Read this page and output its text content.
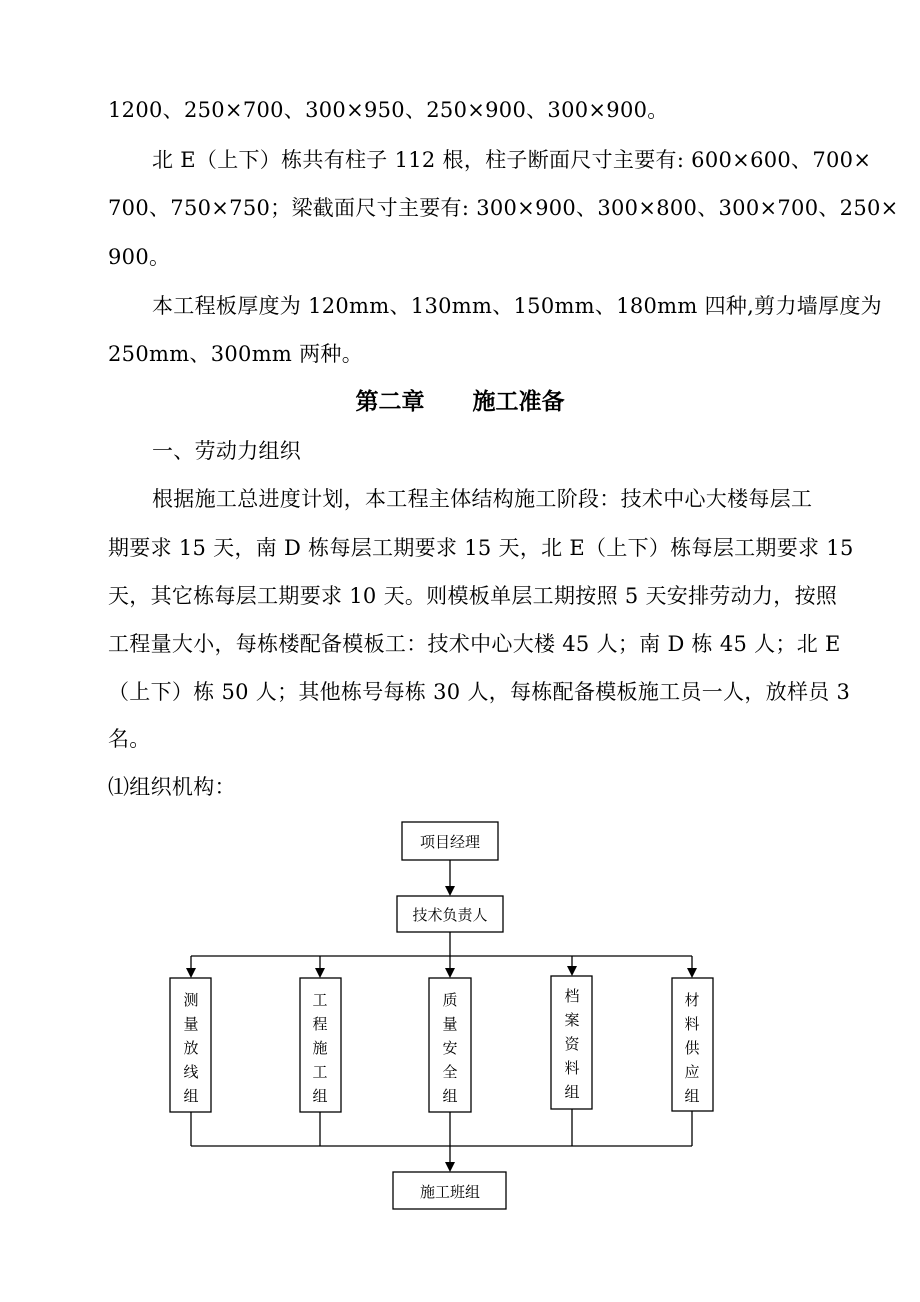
1200、250×700、300×950、250×900、300×900。
北 E（上下）栋共有柱子 112 根，柱子断面尺寸主要有: 600×600、700×
700、750×750；梁截面尺寸主要有: 300×900、300×800、300×700、250×
900。
本工程板厚度为 120mm、130mm、150mm、180mm 四种,剪力墙厚度为
250mm、300mm 两种。
第二章      施工准备
一、劳动力组织
根据施工总进度计划，本工程主体结构施工阶段：技术中心大楼每层工
期要求 15 天，南 D 栋每层工期要求 15 天，北 E（上下）栋每层工期要求 15
天，其它栋每层工期要求 10 天。则模板单层工期按照 5 天安排劳动力，按照
工程量大小，每栋楼配备模板工：技术中心大楼 45 人；南 D 栋 45 人；北 E
（上下）栋 50 人；其他栋号每栋 30 人，每栋配备模板施工员一人，放样员 3
名。
⑴组织机构：
项目经理
技术负责人
测
量
放
线
组
工
程
施
工
组
质
量
安
全
组
档
案
资
料
组
材
料
供
应
组
施工班组
